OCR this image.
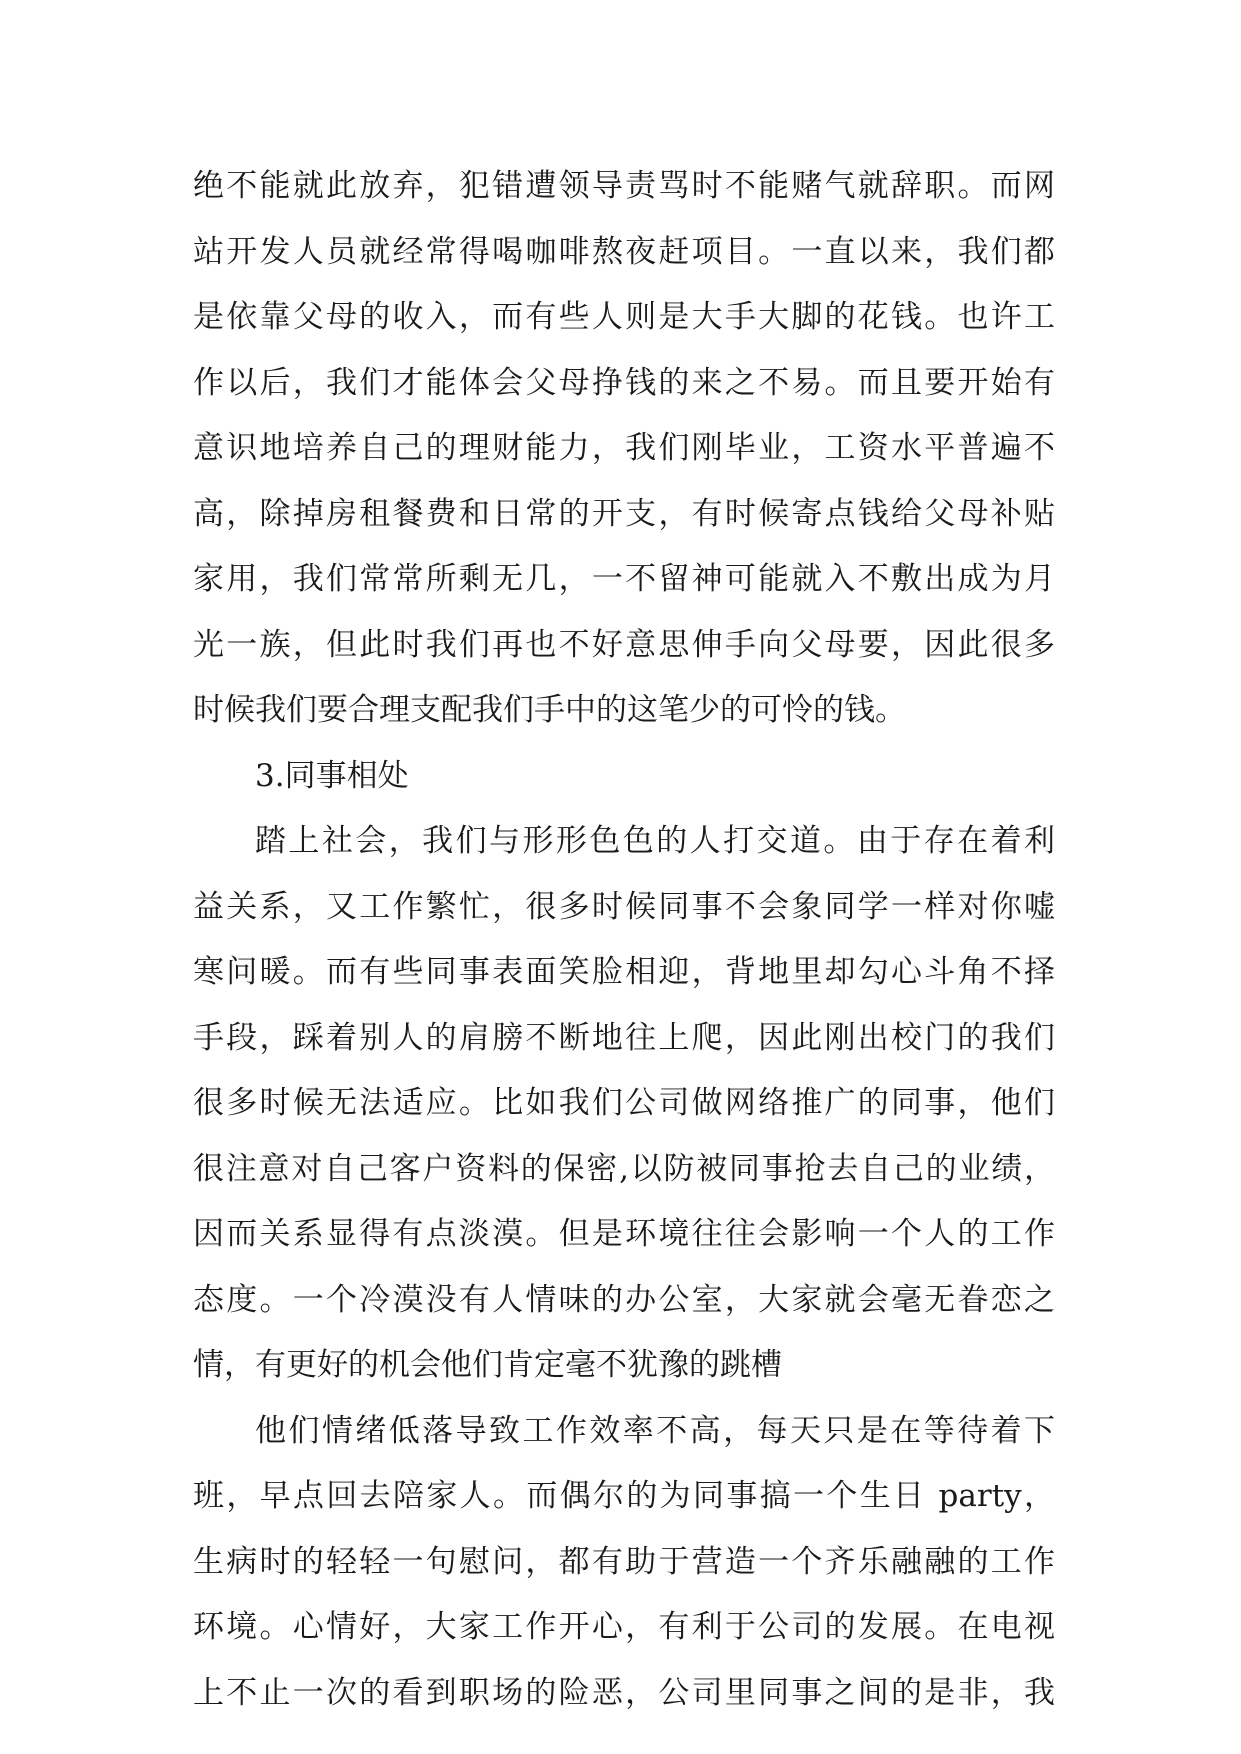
绝不能就此放弃，犯错遭领导责骂时不能赌气就辞职。而网
站开发人员就经常得喝咖啡熬夜赶项目。一直以来，我们都
是依靠父母的收入，而有些人则是大手大脚的花钱。也许工
作以后，我们才能体会父母挣钱的来之不易。而且要开始有
意识地培养自己的理财能力，我们刚毕业，工资水平普遍不
高，除掉房租餐费和日常的开支，有时候寄点钱给父母补贴
家用，我们常常所剩无几，一不留神可能就入不敷出成为月
光一族，但此时我们再也不好意思伸手向父母要，因此很多
时候我们要合理支配我们手中的这笔少的可怜的钱。
3.同事相处
踏上社会，我们与形形色色的人打交道。由于存在着利
益关系，又工作繁忙，很多时候同事不会象同学一样对你嘘
寒问暖。而有些同事表面笑脸相迎，背地里却勾心斗角不择
手段，踩着别人的肩膀不断地往上爬，因此刚出校门的我们
很多时候无法适应。比如我们公司做网络推广的同事，他们
很注意对自己客户资料的保密,以防被同事抢去自己的业绩，
因而关系显得有点淡漠。但是环境往往会影响一个人的工作
态度。一个冷漠没有人情味的办公室，大家就会毫无眷恋之
情，有更好的机会他们肯定毫不犹豫的跳槽
他们情绪低落导致工作效率不高，每天只是在等待着下
班，早点回去陪家人。而偶尔的为同事搞一个生日 party，
生病时的轻轻一句慰问，都有助于营造一个齐乐融融的工作
环境。心情好，大家工作开心，有利于公司的发展。在电视
上不止一次的看到职场的险恶，公司里同事之间的是非，我
